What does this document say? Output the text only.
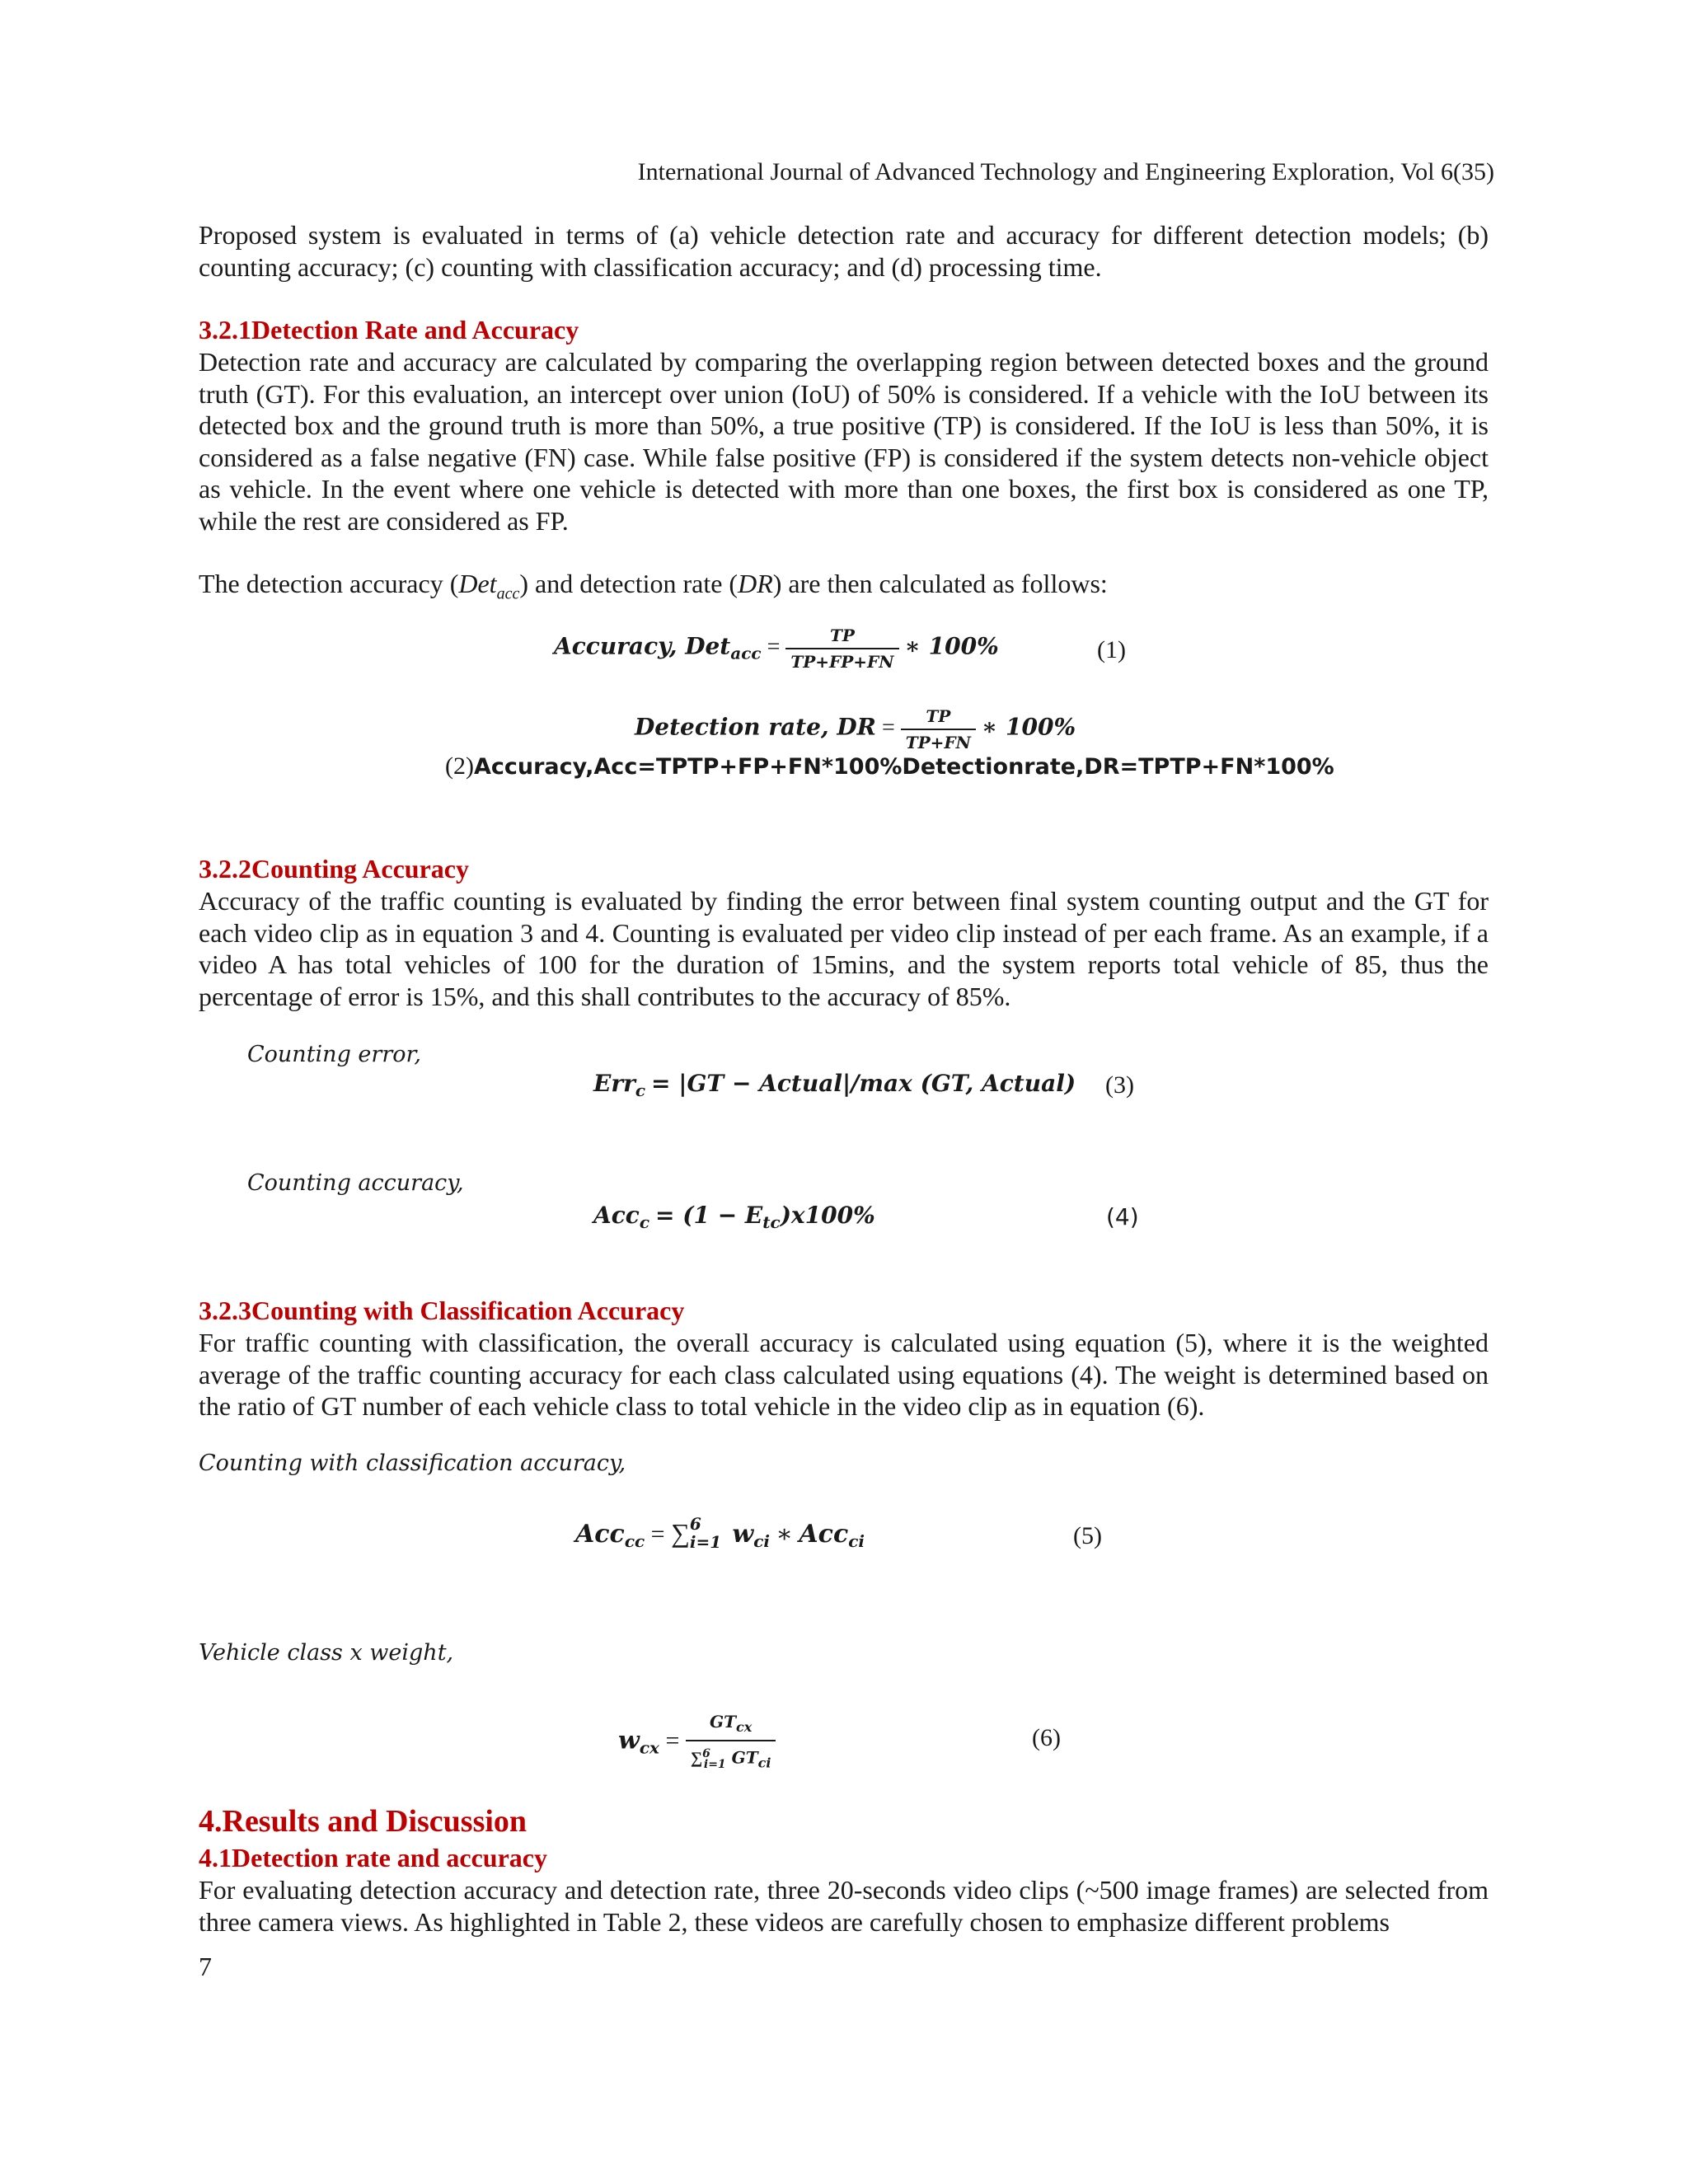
International Journal of Advanced Technology and Engineering Exploration, Vol 6(35)

Proposed system is evaluated in terms of (a) vehicle detection rate and accuracy for different detection models; (b) counting accuracy; (c) counting with classification accuracy; and (d) processing time.

3.2.1Detection Rate and Accuracy

Detection rate and accuracy are calculated by comparing the overlapping region between detected boxes and the ground truth (GT). For this evaluation, an intercept over union (IoU) of 50% is considered. If a vehicle with the IoU between its detected box and the ground truth is more than 50%, a true positive (TP) is considered. If the IoU is less than 50%, it is considered as a false negative (FN) case. While false positive (FP) is considered if the system detects non-vehicle object as vehicle. In the event where one vehicle is detected with more than one boxes, the first box is considered as one TP, while the rest are considered as FP.

The detection accuracy (Det$_{acc}$) and detection rate (DR) are then calculated as follows:
Accuracy, $Det_{acc} = \frac{TP}{TP+FP+FN}$ ∗ 100%	(1)
Detection rate, DR = $\frac{TP}{TP+FN}$ ∗ 100%
(2)Accuracy,Acc=TPTP+FP+FN*100%Detectionrate,DR=TPTP+FN*100%
3.2.2Counting Accuracy

Accuracy of the traffic counting is evaluated by finding the error between final system counting output and the GT for each video clip as in equation 3 and 4. Counting is evaluated per video clip instead of per each frame. As an example, if a video A has total vehicles of 100 for the duration of 15mins, and the system reports total vehicle of 85, thus the percentage of error is 15%, and this shall contributes to the accuracy of 85%.

Counting error,
Err$_c$ = |GT − Actual|/max (GT, Actual) (3)
Counting accuracy,
$Acc_c = (1 - E_{tc})x100\%$	(4)
3.2.3Counting with Classification Accuracy

For traffic counting with classification, the overall accuracy is calculated using equation (5), where it is the weighted average of the traffic counting accuracy for each class calculated using equations (4). The weight is determined based on the ratio of GT number of each vehicle class to total vehicle in the video clip as in equation (6).

Counting with classification accuracy,
Acc$_{cc}$ = ∑ 6
i=1 $w_{ci}$ ∗ Acc$_{ci}$	(5)
Vehicle class x weight,
$w_{cx} = \frac{GT_{cx}}{\sum^6_{i=1} GT_{ci}}$	(6)
4.Results and Discussion
4.1Detection rate and accuracy

For evaluating detection accuracy and detection rate, three 20-seconds video clips (~500 image frames) are selected from three camera views. As highlighted in Table 2, these videos are carefully chosen to emphasize different problems

7
